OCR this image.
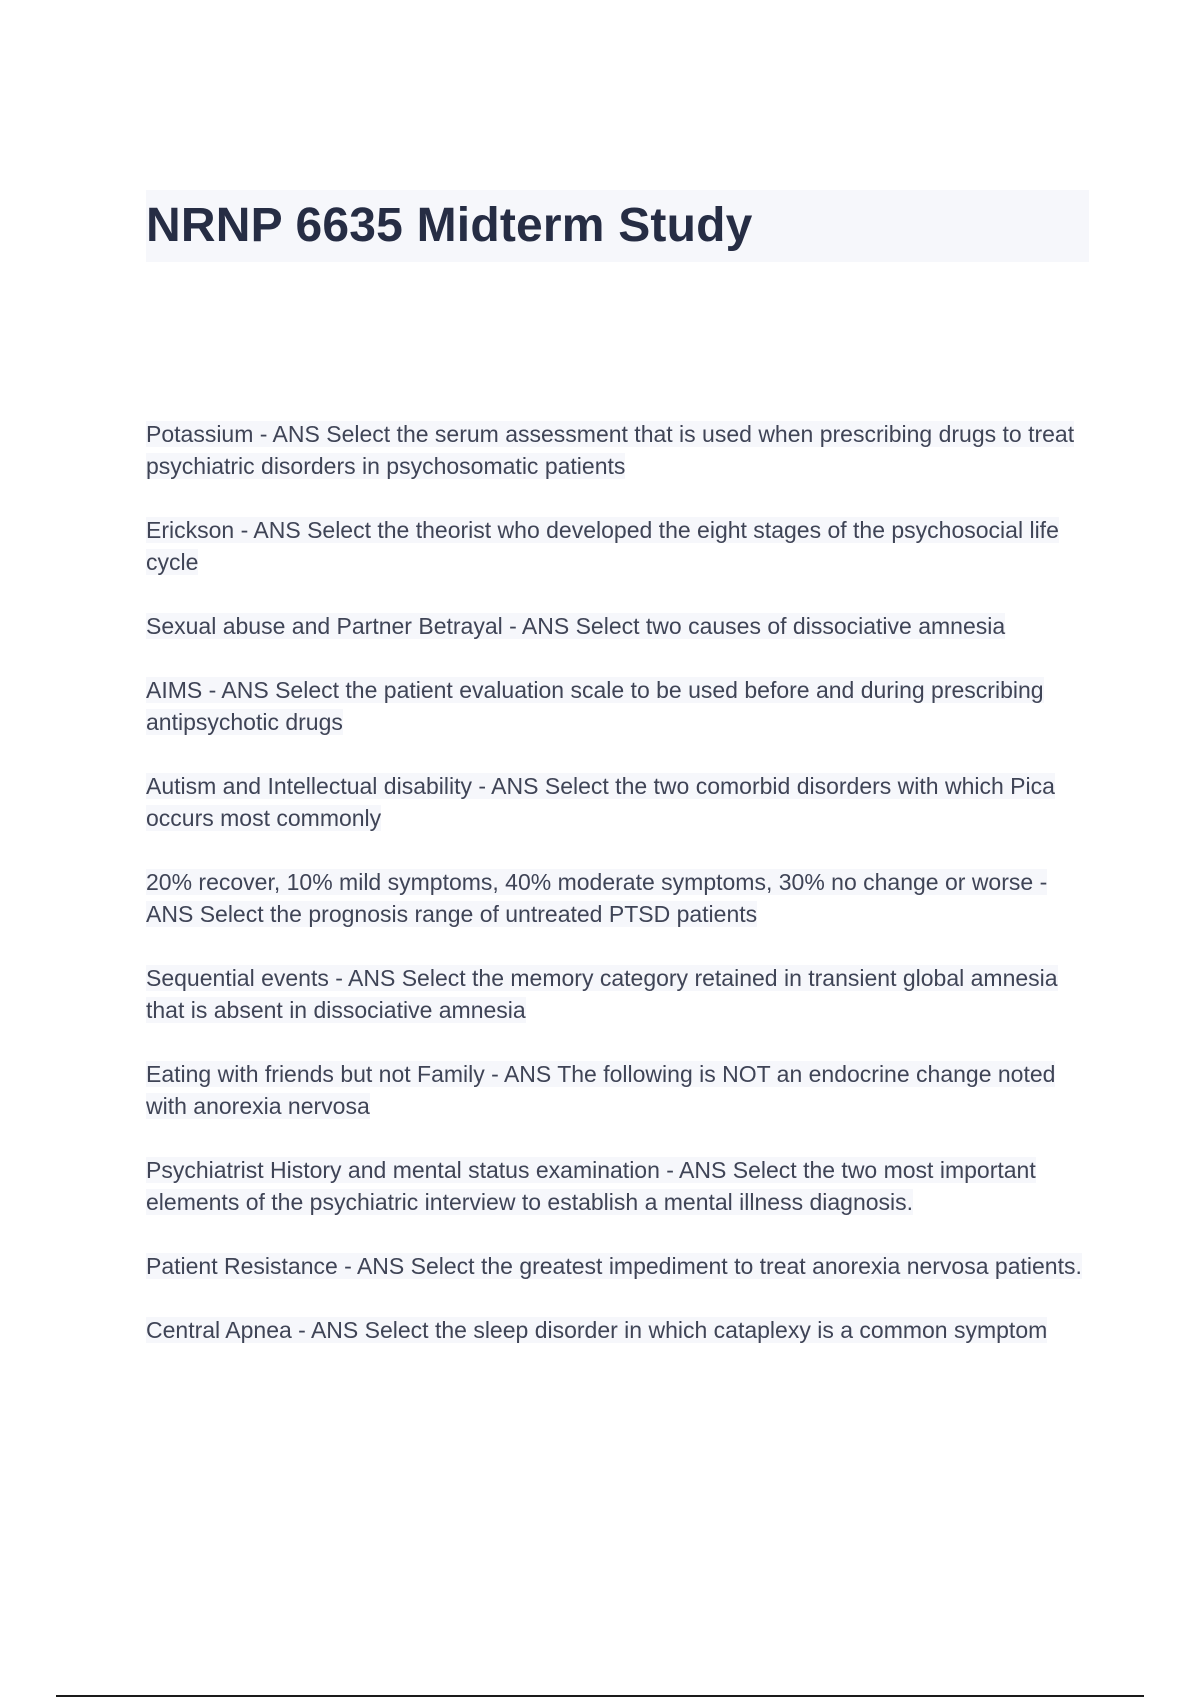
NRNP 6635 Midterm Study

Potassium - ANS Select the serum assessment that is used when prescribing drugs to treat psychiatric disorders in psychosomatic patients

Erickson - ANS Select the theorist who developed the eight stages of the psychosocial life cycle

Sexual abuse and Partner Betrayal - ANS Select two causes of dissociative amnesia

AIMS - ANS Select the patient evaluation scale to be used before and during prescribing antipsychotic drugs

Autism and Intellectual disability - ANS Select the two comorbid disorders with which Pica occurs most commonly

20% recover, 10% mild symptoms, 40% moderate symptoms, 30% no change or worse - ANS Select the prognosis range of untreated PTSD patients

Sequential events - ANS Select the memory category retained in transient global amnesia that is absent in dissociative amnesia

Eating with friends but not Family - ANS The following is NOT an endocrine change noted with anorexia nervosa

Psychiatrist History and mental status examination - ANS Select the two most important elements of the psychiatric interview to establish a mental illness diagnosis.

Patient Resistance - ANS Select the greatest impediment to treat anorexia nervosa patients.

Central Apnea - ANS Select the sleep disorder in which cataplexy is a common symptom
